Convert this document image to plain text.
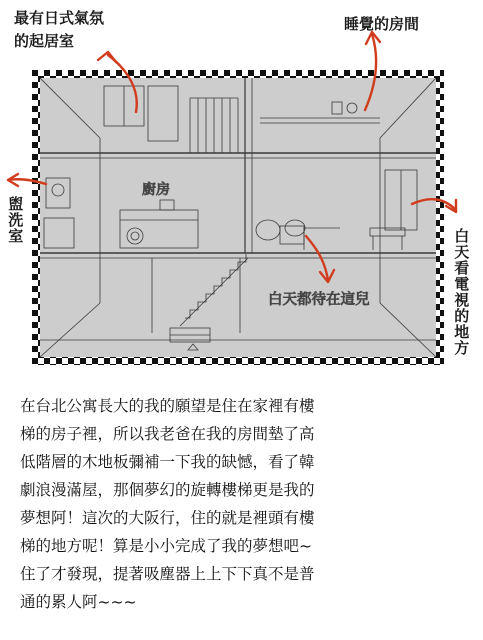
最有日式氣氛
的起居室
睡覺的房間
盥洗室
白天看電視的地方
廚房
白天都待在這兒

在台北公寓長大的我的願望是住在家裡有樓

梯的房子裡，所以我老爸在我的房間墊了高

低階層的木地板彌補一下我的缺憾，看了韓

劇浪漫滿屋，那個夢幻的旋轉樓梯更是我的

夢想阿！這次的大阪行，住的就是裡頭有樓

梯的地方呢！算是小小完成了我的夢想吧~

住了才發現，提著吸塵器上上下下真不是普

通的累人阿~~~
